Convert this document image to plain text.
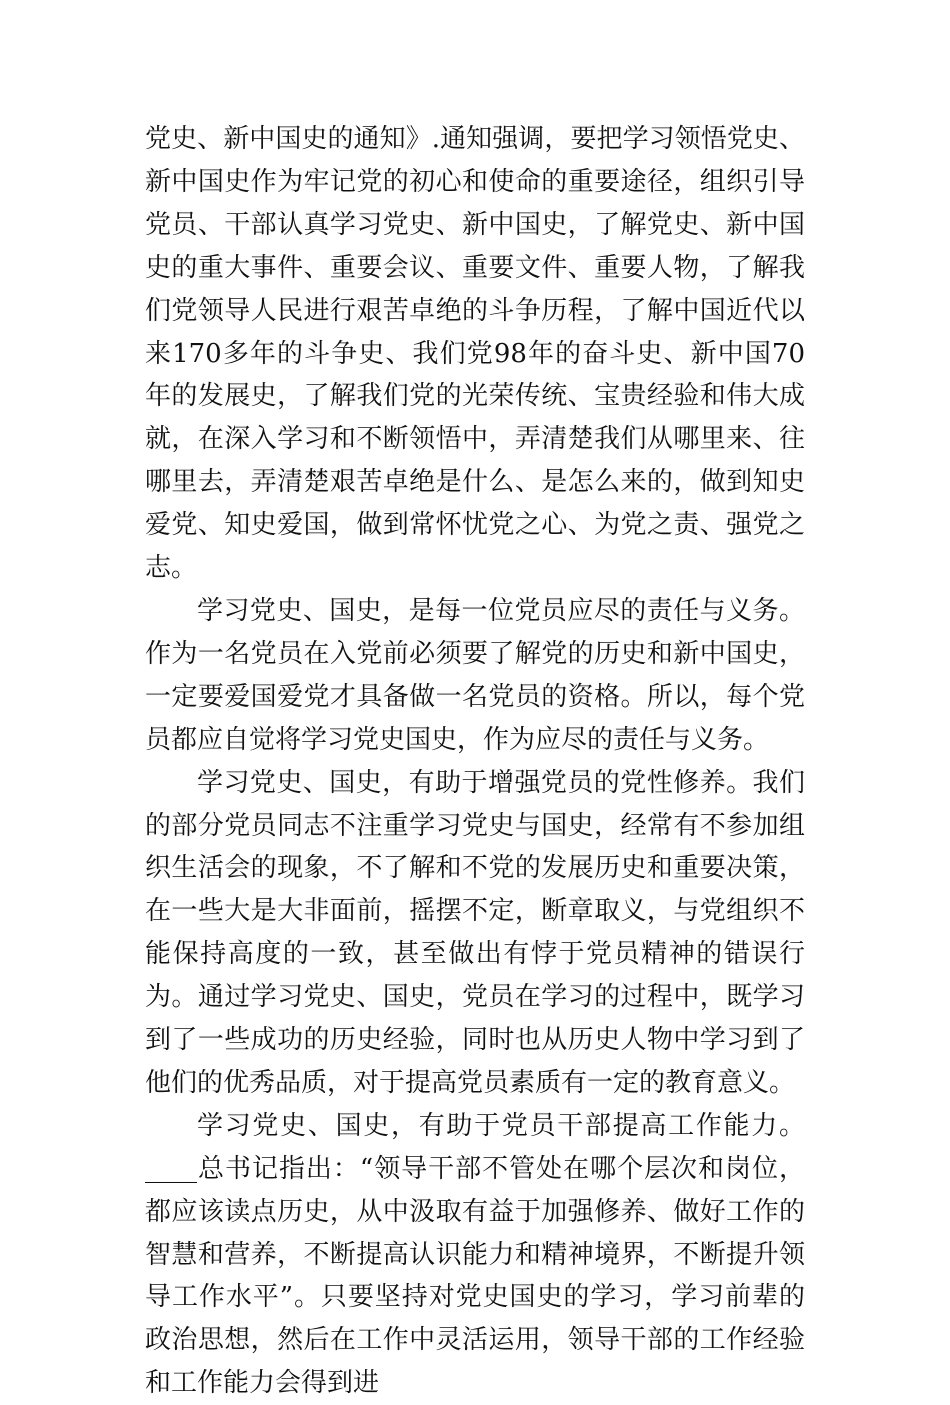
党史、新中国史的通知》.通知强调，要把学习领悟党史、新中国史作为牢记党的初心和使命的重要途径，组织引导党员、干部认真学习党史、新中国史，了解党史、新中国史的重大事件、重要会议、重要文件、重要人物，了解我们党领导人民进行艰苦卓绝的斗争历程，了解中国近代以来170多年的斗争史、我们党98年的奋斗史、新中国70年的发展史，了解我们党的光荣传统、宝贵经验和伟大成就，在深入学习和不断领悟中，弄清楚我们从哪里来、往哪里去，弄清楚艰苦卓绝是什么、是怎么来的，做到知史爱党、知史爱国，做到常怀忧党之心、为党之责、强党之志。

学习党史、国史，是每一位党员应尽的责任与义务。作为一名党员在入党前必须要了解党的历史和新中国史，一定要爱国爱党才具备做一名党员的资格。所以，每个党员都应自觉将学习党史国史，作为应尽的责任与义务。

学习党史、国史，有助于增强党员的党性修养。我们的部分党员同志不注重学习党史与国史，经常有不参加组织生活会的现象，不了解和不党的发展历史和重要决策，在一些大是大非面前，摇摆不定，断章取义，与党组织不能保持高度的一致，甚至做出有悖于党员精神的错误行为。通过学习党史、国史，党员在学习的过程中，既学习到了一些成功的历史经验，同时也从历史人物中学习到了他们的优秀品质，对于提高党员素质有一定的教育意义。

学习党史、国史，有助于党员干部提高工作能力。____总书记指出：“领导干部不管处在哪个层次和岗位，都应该读点历史，从中汲取有益于加强修养、做好工作的智慧和营养，不断提高认识能力和精神境界，不断提升领导工作水平”。只要坚持对党史国史的学习，学习前辈的政治思想，然后在工作中灵活运用，领导干部的工作经验和工作能力会得到进
